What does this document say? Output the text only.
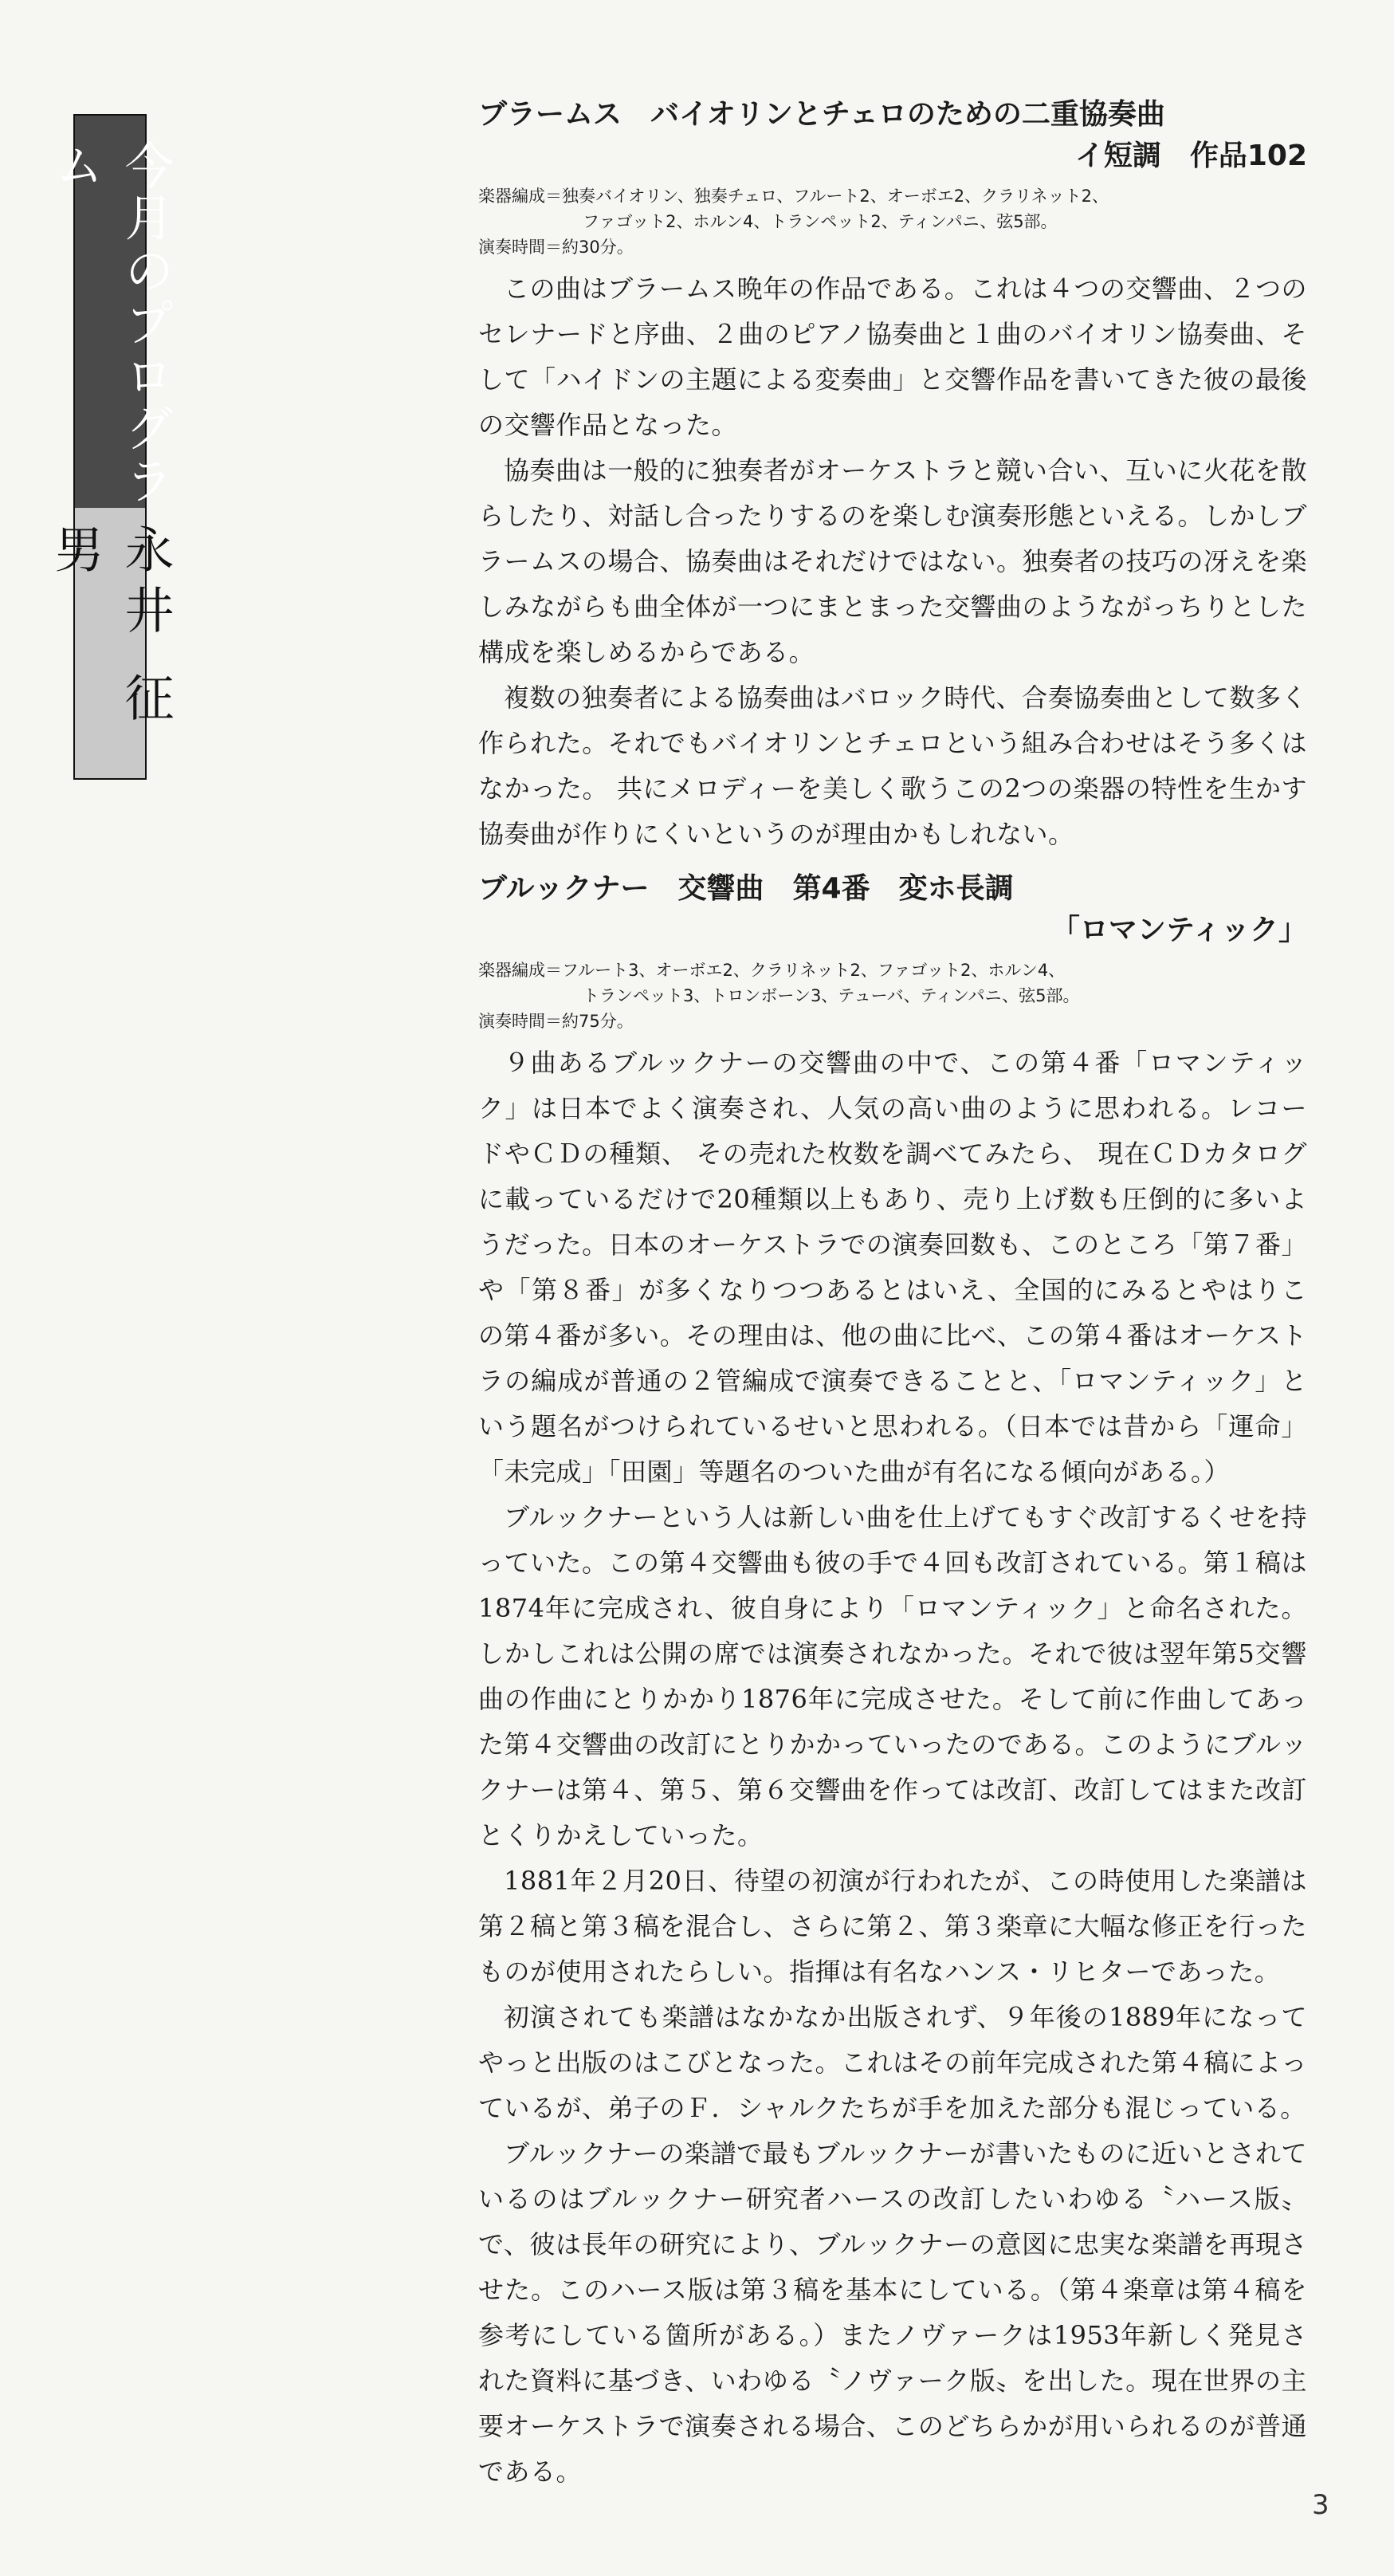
今月のプログラム
永井 征男
ブラームス　バイオリンとチェロのための二重協奏曲
イ短調　作品102
楽器編成＝独奏バイオリン、独奏チェロ、フルート2、オーボエ2、クラリネット2、
ファゴット2、ホルン4、トランペット2、ティンパニ、弦5部。
演奏時間＝約30分。

この曲はブラームス晩年の作品である。これは４つの交響曲、２つのセレナードと序曲、２曲のピアノ協奏曲と１曲のバイオリン協奏曲、そして「ハイドンの主題による変奏曲」と交響作品を書いてきた彼の最後の交響作品となった。

協奏曲は一般的に独奏者がオーケストラと競い合い、互いに火花を散らしたり、対話し合ったりするのを楽しむ演奏形態といえる。しかしブラームスの場合、協奏曲はそれだけではない。独奏者の技巧の冴えを楽しみながらも曲全体が一つにまとまった交響曲のようながっちりとした構成を楽しめるからである。

複数の独奏者による協奏曲はバロック時代、合奏協奏曲として数多く作られた。それでもバイオリンとチェロという組み合わせはそう多くはなかった。 共にメロディーを美しく歌うこの2つの楽器の特性を生かす協奏曲が作りにくいというのが理由かもしれない。

ブルックナー　交響曲　第4番　変ホ長調
「ロマンティック」
楽器編成＝フルート3、オーボエ2、クラリネット2、ファゴット2、ホルン4、
トランペット3、トロンボーン3、テューバ、ティンパニ、弦5部。
演奏時間＝約75分。

９曲あるブルックナーの交響曲の中で、この第４番「ロマンティック」は日本でよく演奏され、人気の高い曲のように思われる。レコードやＣＤの種類、 その売れた枚数を調べてみたら、 現在ＣＤカタログに載っているだけで20種類以上もあり、売り上げ数も圧倒的に多いようだった。日本のオーケストラでの演奏回数も、このところ「第７番」や「第８番」が多くなりつつあるとはいえ、全国的にみるとやはりこの第４番が多い。その理由は、他の曲に比べ、この第４番はオーケストラの編成が普通の２管編成で演奏できることと、「ロマンティック」という題名がつけられているせいと思われる。（日本では昔から「運命」「未完成」「田園」等題名のついた曲が有名になる傾向がある。）

ブルックナーという人は新しい曲を仕上げてもすぐ改訂するくせを持っていた。この第４交響曲も彼の手で４回も改訂されている。第１稿は1874年に完成され、彼自身により「ロマンティック」と命名された。しかしこれは公開の席では演奏されなかった。それで彼は翌年第5交響曲の作曲にとりかかり1876年に完成させた。そして前に作曲してあった第４交響曲の改訂にとりかかっていったのである。このようにブルックナーは第４、第５、第６交響曲を作っては改訂、改訂してはまた改訂とくりかえしていった。

1881年２月20日、待望の初演が行われたが、この時使用した楽譜は第２稿と第３稿を混合し、さらに第２、第３楽章に大幅な修正を行ったものが使用されたらしい。指揮は有名なハンス・リヒターであった。

初演されても楽譜はなかなか出版されず、９年後の1889年になってやっと出版のはこびとなった。これはその前年完成された第４稿によっているが、弟子のＦ．シャルクたちが手を加えた部分も混じっている。

ブルックナーの楽譜で最もブルックナーが書いたものに近いとされているのはブルックナー研究者ハースの改訂したいわゆる〝ハース版〟で、彼は長年の研究により、ブルックナーの意図に忠実な楽譜を再現させた。このハース版は第３稿を基本にしている。（第４楽章は第４稿を参考にしている箇所がある。）またノヴァークは1953年新しく発見された資料に基づき、いわゆる〝ノヴァーク版〟を出した。現在世界の主要オーケストラで演奏される場合、このどちらかが用いられるのが普通である。

3
